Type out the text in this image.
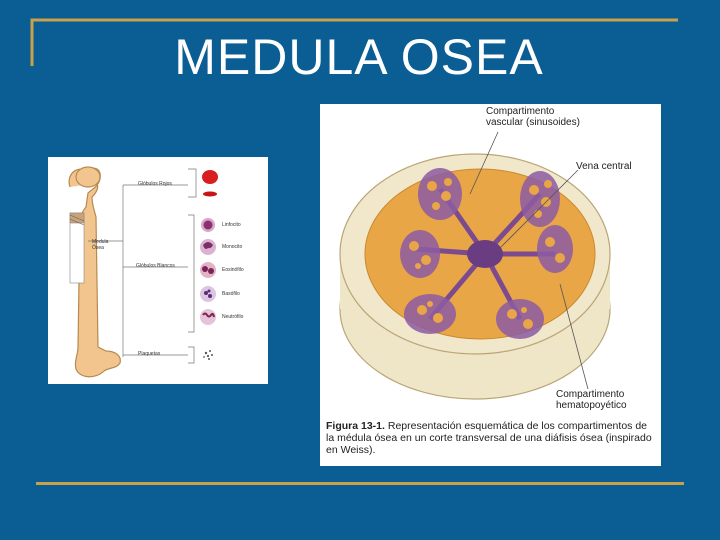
MEDULA OSEA
Medula Ósea
Glóbulos Rojos
Glóbulos Blancos
Plaquetas
Linfocito
Monocito
Eosinófilo
Basófilo
Neutrófilo
Compartimento
vascular (sinusoides)
Vena central
Compartimento
hematopoyético
Figura 13-1. Representación esquemática de los compartimentos de la médula ósea en un corte transversal de una diáfisis ósea (inspirado en Weiss).
